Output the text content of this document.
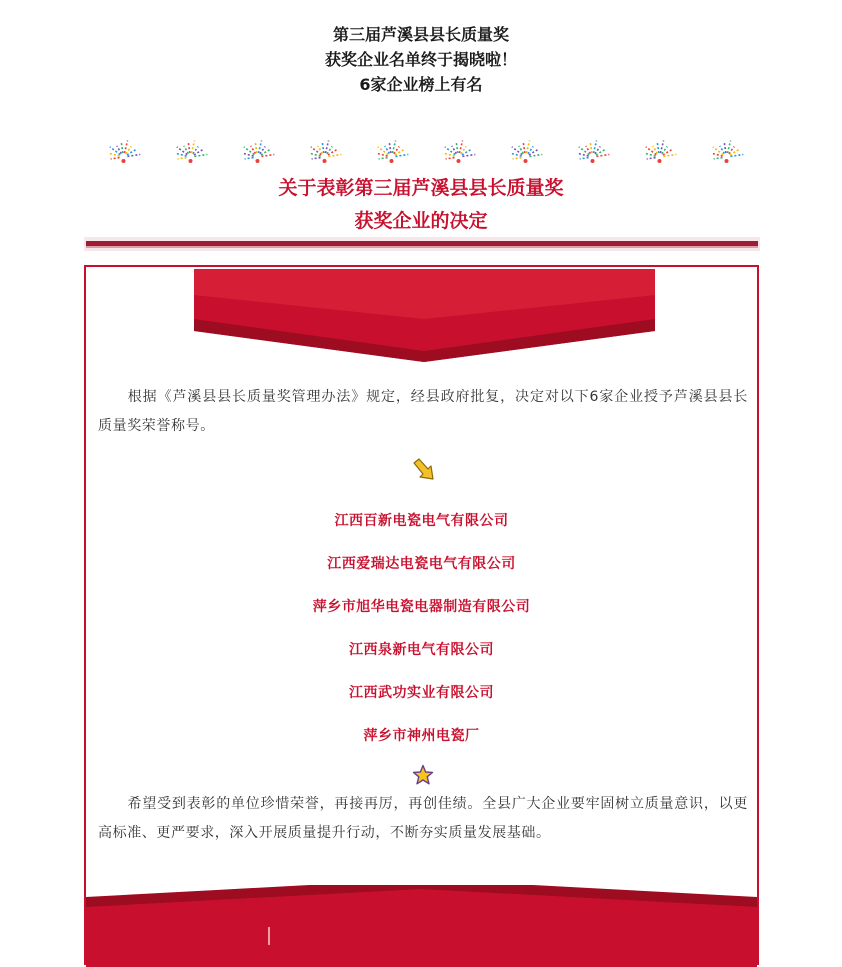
第三届芦溪县县长质量奖
获奖企业名单终于揭晓啦！
6家企业榜上有名
关于表彰第三届芦溪县县长质量奖
获奖企业的决定
　　根据《芦溪县县长质量奖管理办法》规定，经县政府批复，决定对以下6家企业授予芦溪县县长质量奖荣誉称号。
江西百新电瓷电气有限公司
江西爱瑞达电瓷电气有限公司
萍乡市旭华电瓷电器制造有限公司
江西泉新电气有限公司
江西武功实业有限公司
萍乡市神州电瓷厂
　　希望受到表彰的单位珍惜荣誉，再接再厉，再创佳绩。全县广大企业要牢固树立质量意识，以更高标准、更严要求，深入开展质量提升行动，不断夯实质量发展基础。
